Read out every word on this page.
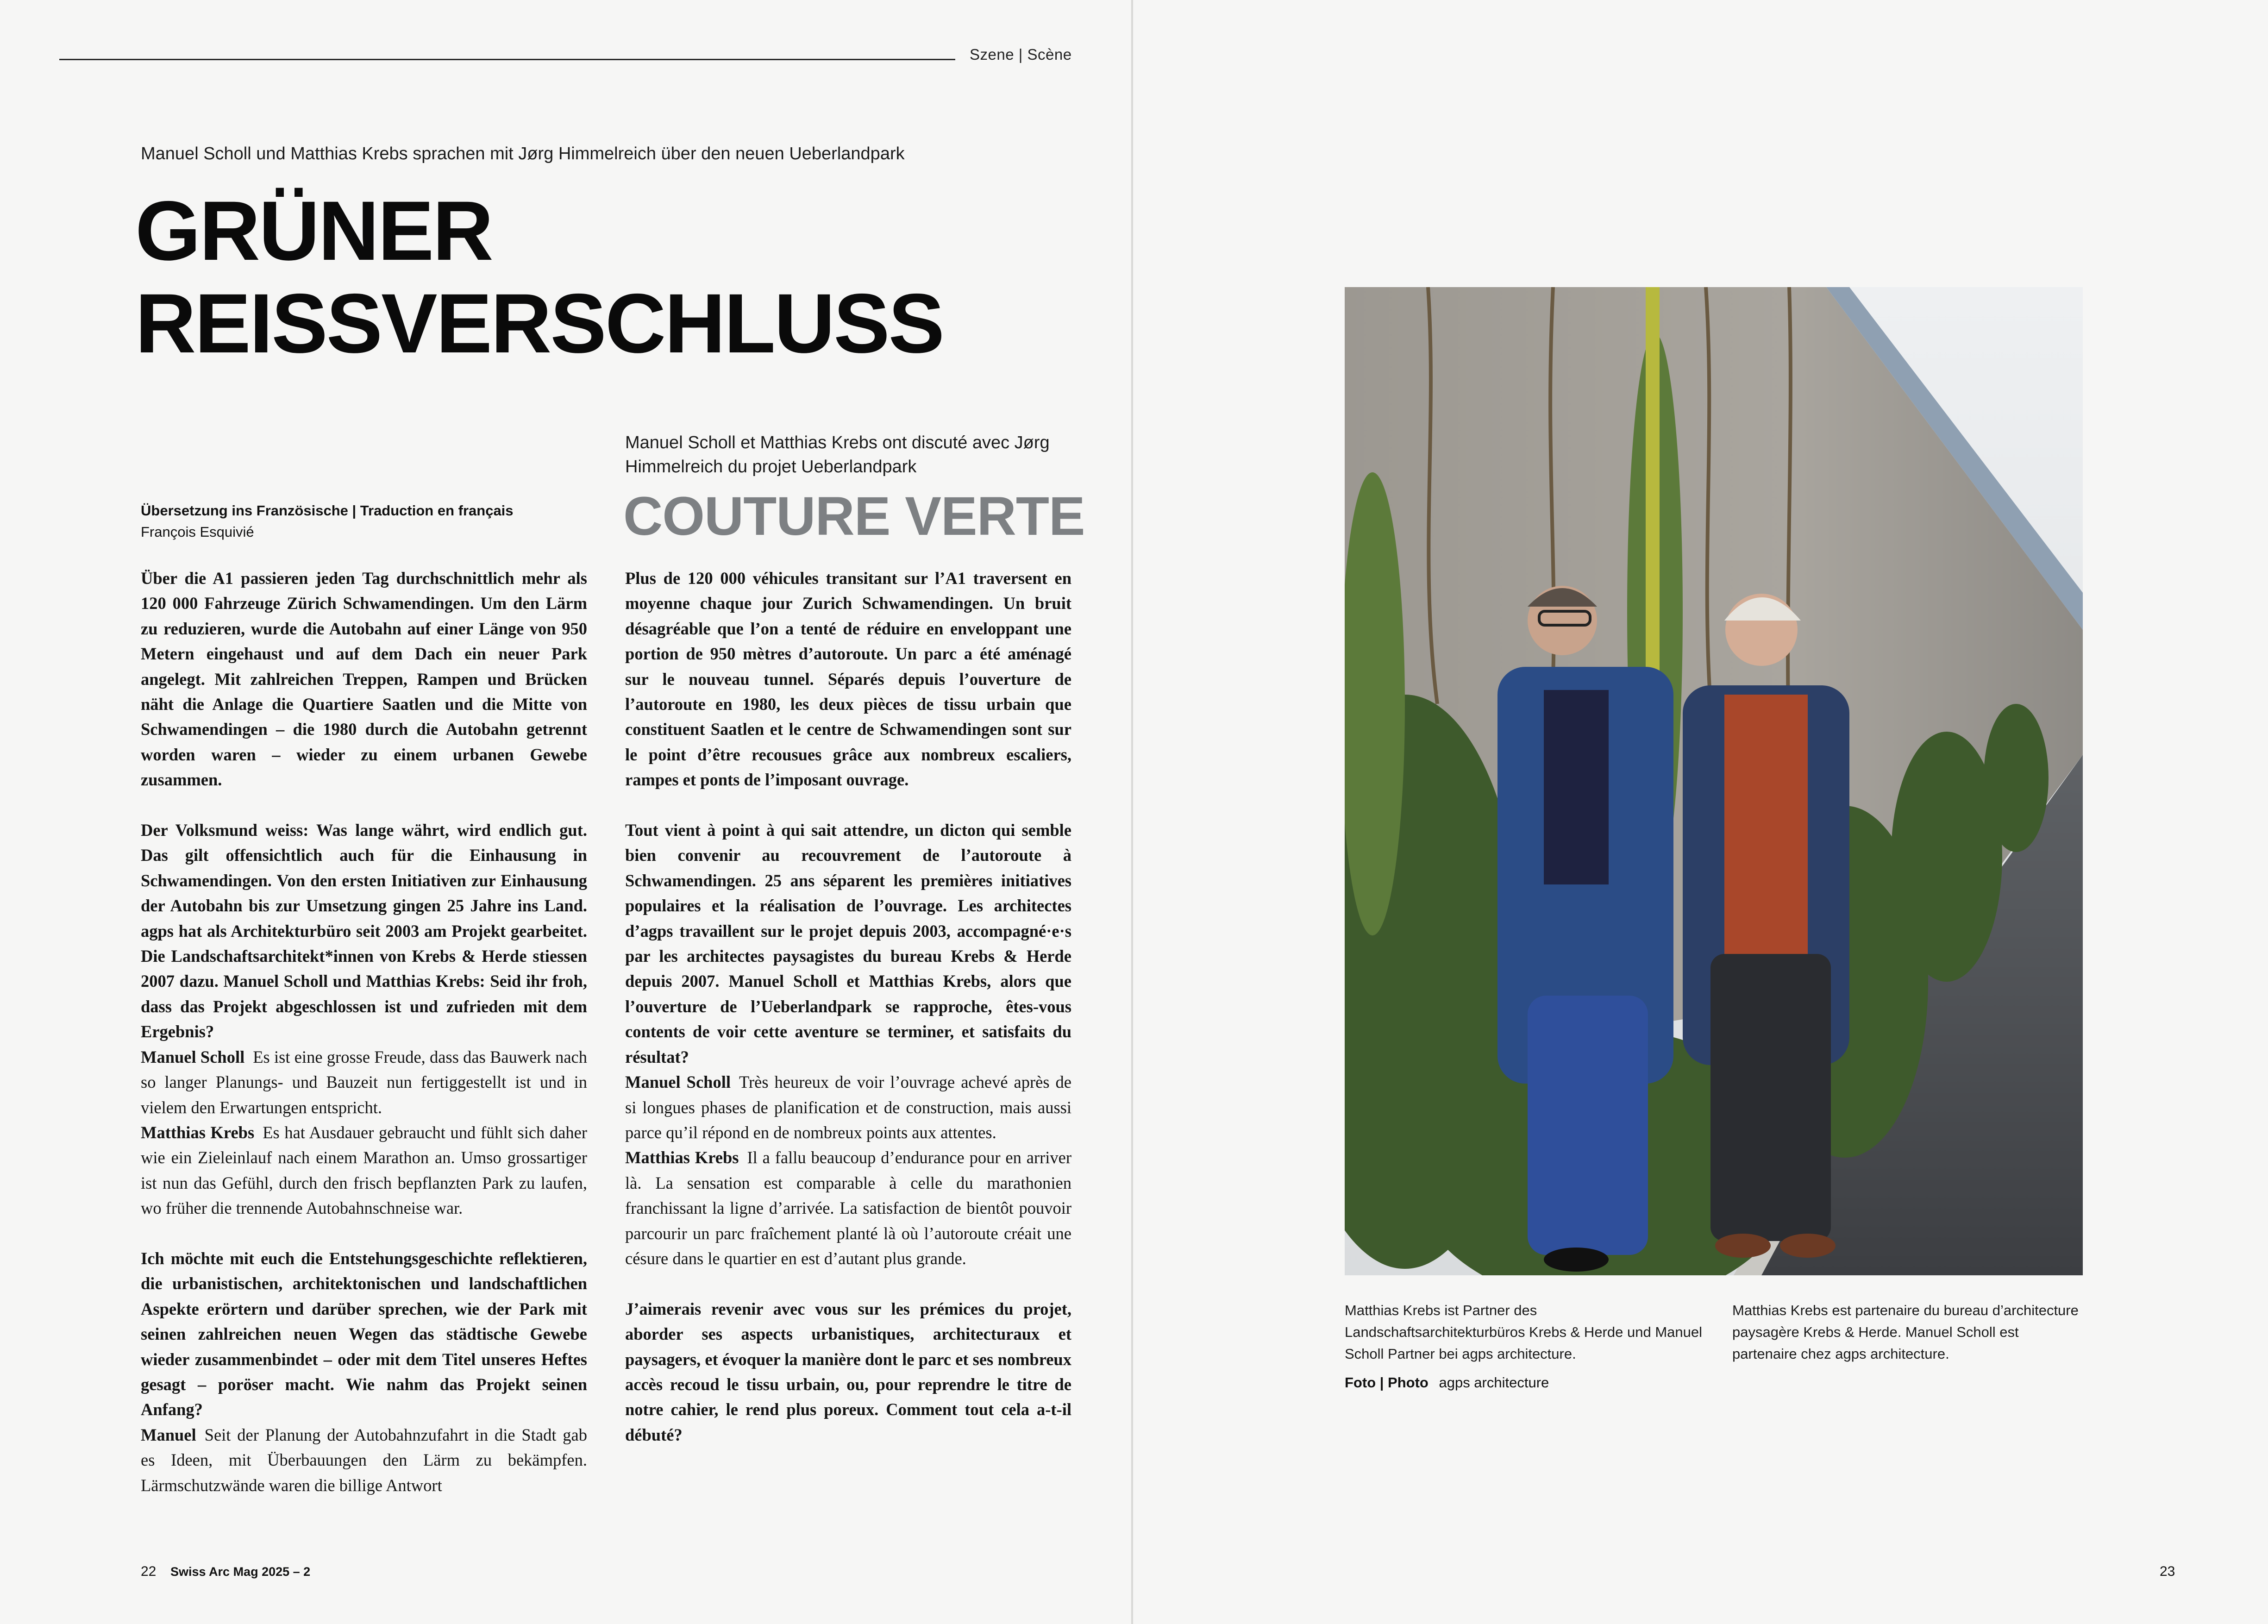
Szene | Scène
Manuel Scholl und Matthias Krebs sprachen mit Jørg Himmelreich über den neuen Ueberlandpark
GRÜNER
REISSVERSCHLUSS
Übersetzung ins Französische | Traduction en français
François Esquivié
Manuel Scholl et Matthias Krebs ont discuté avec Jørg Himmelreich du projet Ueberlandpark
COUTURE VERTE

Über die A1 passieren jeden Tag durchschnittlich mehr als 120 000 Fahrzeuge Zürich Schwamendingen. Um den Lärm zu reduzieren, wurde die Autobahn auf einer Länge von 950 Metern eingehaust und auf dem Dach ein neuer Park angelegt. Mit zahlreichen Treppen, Rampen und Brücken näht die Anlage die Quartiere Saatlen und die Mitte von Schwamendingen – die 1980 durch die Autobahn getrennt worden waren – wieder zu einem urbanen Gewebe zusammen.

Der Volksmund weiss: Was lange währt, wird endlich gut. Das gilt offensichtlich auch für die Einhausung in Schwamendingen. Von den ersten Initiativen zur Einhausung der Autobahn bis zur Umsetzung gingen 25 Jahre ins Land. agps hat als Architekturbüro seit 2003 am Projekt gearbeitet. Die Landschaftsarchitekt*innen von Krebs & Herde stiessen 2007 dazu. Manuel Scholl und Matthias Krebs: Seid ihr froh, dass das Projekt abgeschlossen ist und zufrieden mit dem Ergebnis?

Manuel Scholl Es ist eine grosse Freude, dass das Bauwerk nach so langer Planungs- und Bauzeit nun fertiggestellt ist und in vielem den Erwartungen entspricht.

Matthias Krebs Es hat Ausdauer gebraucht und fühlt sich daher wie ein Zieleinlauf nach einem Marathon an. Umso grossartiger ist nun das Gefühl, durch den frisch bepflanzten Park zu laufen, wo früher die trennende Autobahnschneise war.

Ich möchte mit euch die Entstehungsgeschichte reflektieren, die urbanistischen, architektonischen und landschaftlichen Aspekte erörtern und darüber sprechen, wie der Park mit seinen zahlreichen neuen Wegen das städtische Gewebe wieder zusammenbindet – oder mit dem Titel unseres Heftes gesagt – poröser macht. Wie nahm das Projekt seinen Anfang?

Manuel Seit der Planung der Autobahnzufahrt in die Stadt gab es Ideen, mit Überbauungen den Lärm zu bekämpfen. Lärmschutzwände waren die billige Antwort

Plus de 120 000 véhicules transitant sur l’A1 traversent en moyenne chaque jour Zurich Schwamendingen. Un bruit désagréable que l’on a tenté de réduire en enveloppant une portion de 950 mètres d’autoroute. Un parc a été aménagé sur le nouveau tunnel. Séparés depuis l’ouverture de l’autoroute en 1980, les deux pièces de tissu urbain que constituent Saatlen et le centre de Schwamendingen sont sur le point d’être recousues grâce aux nombreux escaliers, rampes et ponts de l’imposant ouvrage.

Tout vient à point à qui sait attendre, un dicton qui semble bien convenir au recouvrement de l’autoroute à Schwamendingen. 25 ans séparent les premières initiatives populaires et la réalisation de l’ouvrage. Les architectes d’agps travaillent sur le projet depuis 2003, accompagné·e·s par les architectes paysagistes du bureau Krebs & Herde depuis 2007. Manuel Scholl et Matthias Krebs, alors que l’ouverture de l’Ueberlandpark se rapproche, êtes-vous contents de voir cette aventure se terminer, et satisfaits du résultat?

Manuel Scholl Très heureux de voir l’ouvrage achevé après de si longues phases de planification et de construction, mais aussi parce qu’il répond en de nombreux points aux attentes.

Matthias Krebs Il a fallu beaucoup d’endurance pour en arriver là. La sensation est comparable à celle du marathonien franchissant la ligne d’arrivée. La satisfaction de bientôt pouvoir parcourir un parc fraîchement planté là où l’autoroute créait une césure dans le quartier en est d’autant plus grande.

J’aimerais revenir avec vous sur les prémices du projet, aborder ses aspects urbanistiques, architecturaux et paysagers, et évoquer la manière dont le parc et ses nombreux accès recoud le tissu urbain, ou, pour reprendre le titre de notre cahier, le rend plus poreux. Comment tout cela a-t-il débuté?

Matthias Krebs ist Partner des Landschaftsarchitekturbüros Krebs & Herde und Manuel Scholl Partner bei agps architecture.
Matthias Krebs est partenaire du bureau d’architecture paysagère Krebs & Herde. Manuel Scholl est partenaire chez agps architecture.
Foto | Photo agps architecture
22 Swiss Arc Mag 2025 – 2	23
